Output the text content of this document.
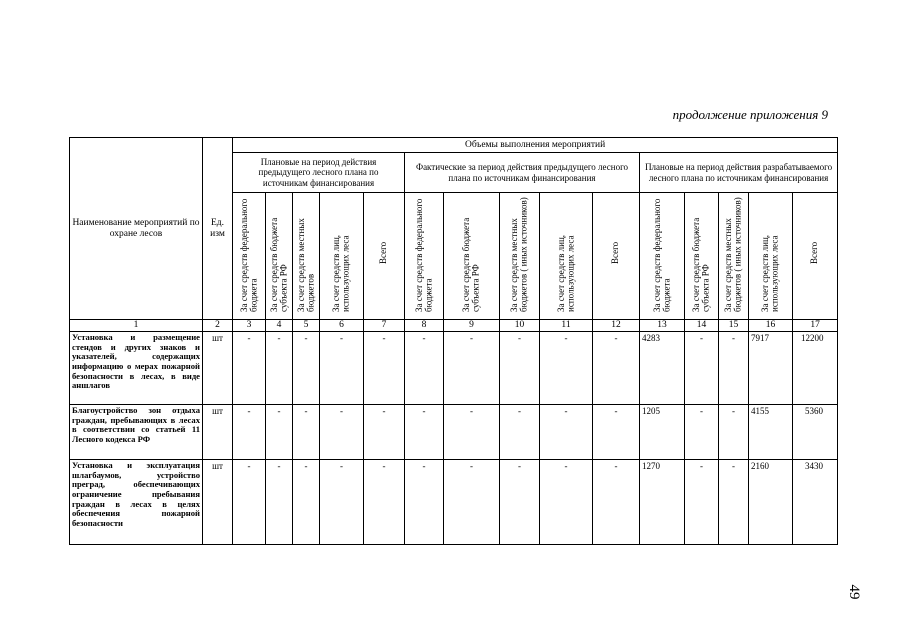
продолжение приложения 9
Наименование мероприятий по охране лесов	Ед. изм	Объемы выполнения мероприятий														
		Плановые на период действия предыдущего лесного плана по источникам финансирования					Фактические за период действия предыдущего лесного плана по источникам финансирования					Плановые на период действия разрабатываемого лесного плана по источникам финансирования				

		За счет средств федерального бюджета	За счет средств бюджета субъекта РФ	За счет средств местных бюджетов	За счет средств лиц, использующих леса	Всего	За счет средств федерального бюджета	За счет средств бюджета субъекта РФ	За счет средств местных бюджетов ( иных источников)	За счет средств лиц, использующих леса	Всего	За счет средств федерального бюджета	За счет средств бюджета субъекта РФ	За счет средств местных бюджетов ( иных источников)	За счет средств лиц, использующих леса	Всего

1	2	3	4	5	6	7	8	9	10	11	12	13	14	15	16	17
Установка и размещение стендов и других знаков и указателей, содержащих информацию о мерах пожарной безопасности в лесах, в виде аншлагов	шт	-	-	-	-	-	-	-	-	-	-	4283	-	-	7917	12200
Благоустройство зон отдыха граждан, пребывающих в лесах в соответствии со статьей 11 Лесного кодекса РФ	шт	-	-	-	-	-	-	-	-	-	-	1205	-	-	4155	5360
Установка и эксплуатация шлагбаумов, устройство преград, обеспечивающих ограничение пребывания граждан в лесах в целях обеспечения пожарной безопасности	шт	-	-	-	-	-	-	-	-	-	-	1270	-	-	2160	3430
49
